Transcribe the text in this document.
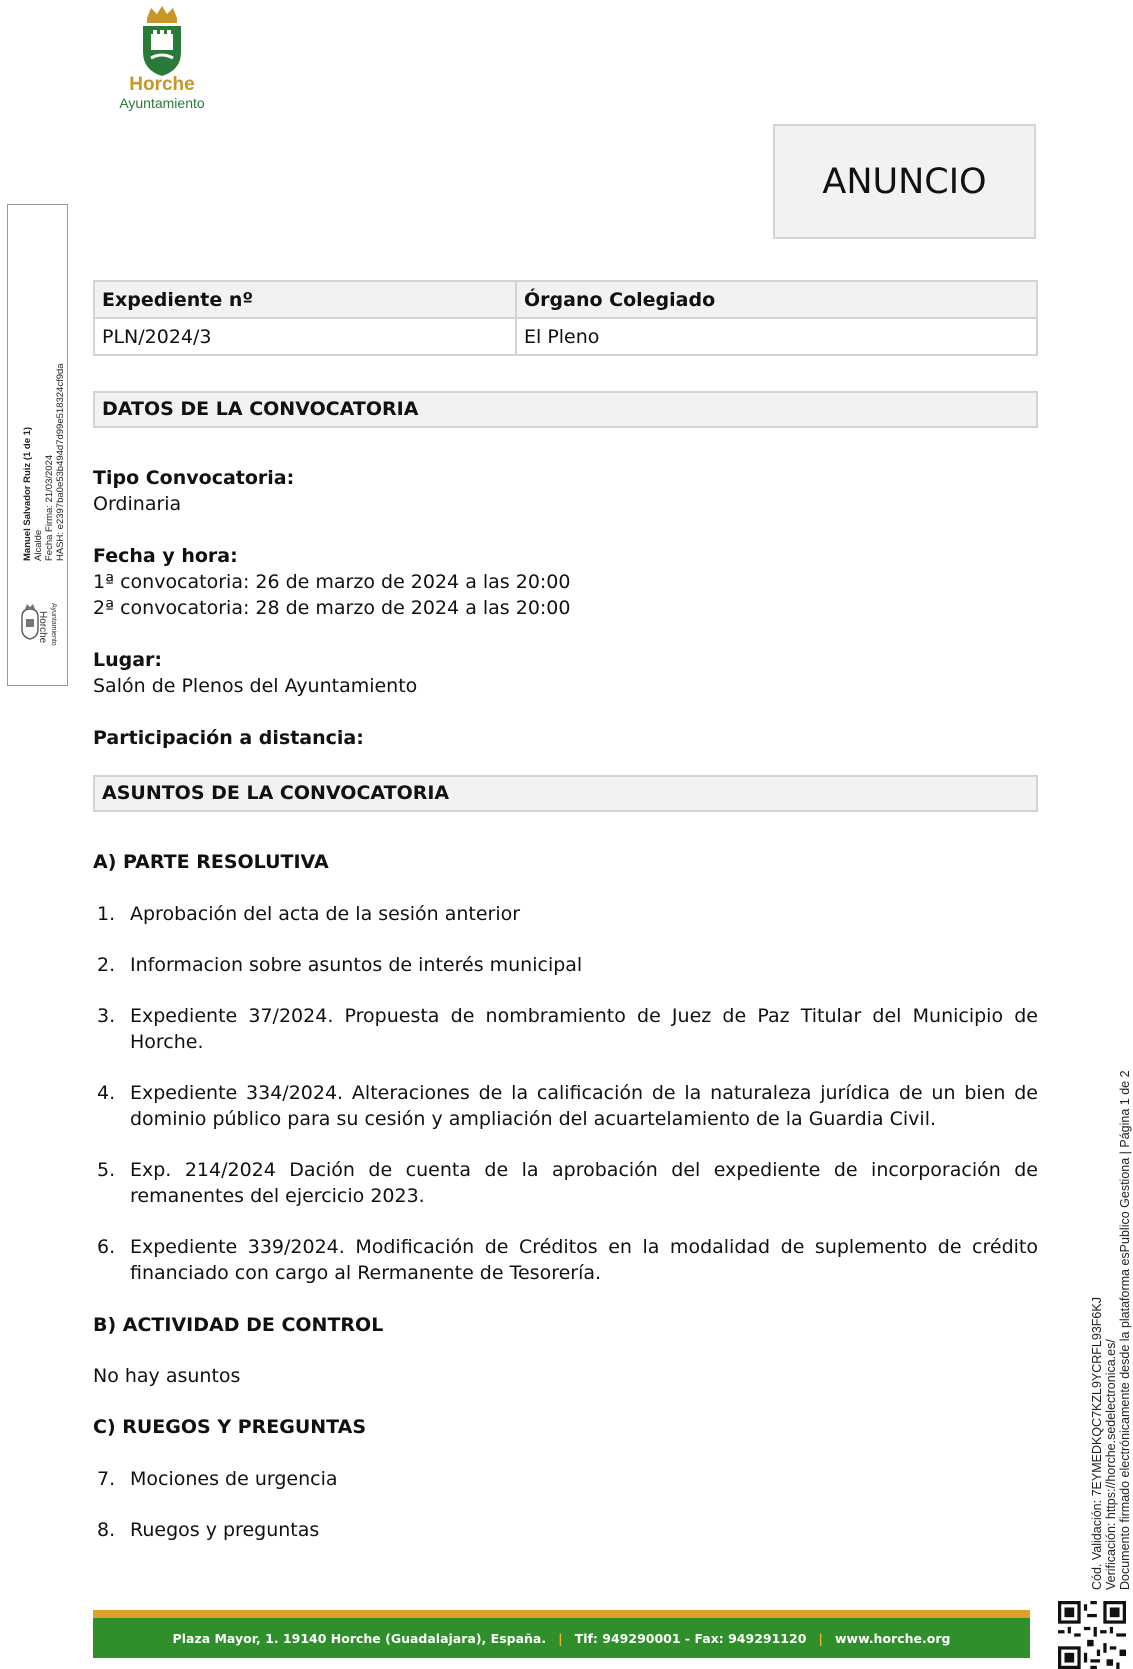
Horche
Ayuntamiento
ANUNCIO
Expediente nº	Órgano Colegiado
PLN/2024/3	El Pleno
DATOS DE LA CONVOCATORIA
Tipo Convocatoria:
Ordinaria
Fecha y hora:
1ª convocatoria: 26 de marzo de 2024 a las 20:00
2ª convocatoria: 28 de marzo de 2024 a las 20:00
Lugar:
Salón de Plenos del Ayuntamiento
Participación a distancia:
ASUNTOS DE LA CONVOCATORIA
A) PARTE RESOLUTIVA
1. Aprobación del acta de la sesión anterior
2. Informacion sobre asuntos de interés municipal
3. Expediente 37/2024. Propuesta de nombramiento de Juez de Paz Titular del Municipio de Horche.
4. Expediente 334/2024. Alteraciones de la calificación de la naturaleza jurídica de un bien de dominio público para su cesión y ampliación del acuartelamiento de la Guardia Civil.
5. Exp. 214/2024 Dación de cuenta de la aprobación del expediente de incorporación de remanentes del ejercicio 2023.
6. Expediente 339/2024. Modificación de Créditos en la modalidad de suplemento de crédito financiado con cargo al Rermanente de Tesorería.
B) ACTIVIDAD DE CONTROL
No hay asuntos
C) RUEGOS Y PREGUNTAS
7. Mociones de urgencia
8. Ruegos y preguntas
Manuel Salvador Ruiz (1 de 1) Alcalde Fecha Firma: 21/03/2024 HASH: e2397ba0e53b494d7d99e518324cf9da
Horche Ayuntamiento
Cód. Validación: 7EYMEDKQC7KZL9YCRFL93F6KJ Verificación: https://horche.sedelectronica.es/ Documento firmado electrónicamente desde la plataforma esPublico Gestiona | Página 1 de 2
Plaza Mayor, 1. 19140 Horche (Guadalajara), España. | Tlf: 949290001 - Fax: 949291120 | www.horche.org
